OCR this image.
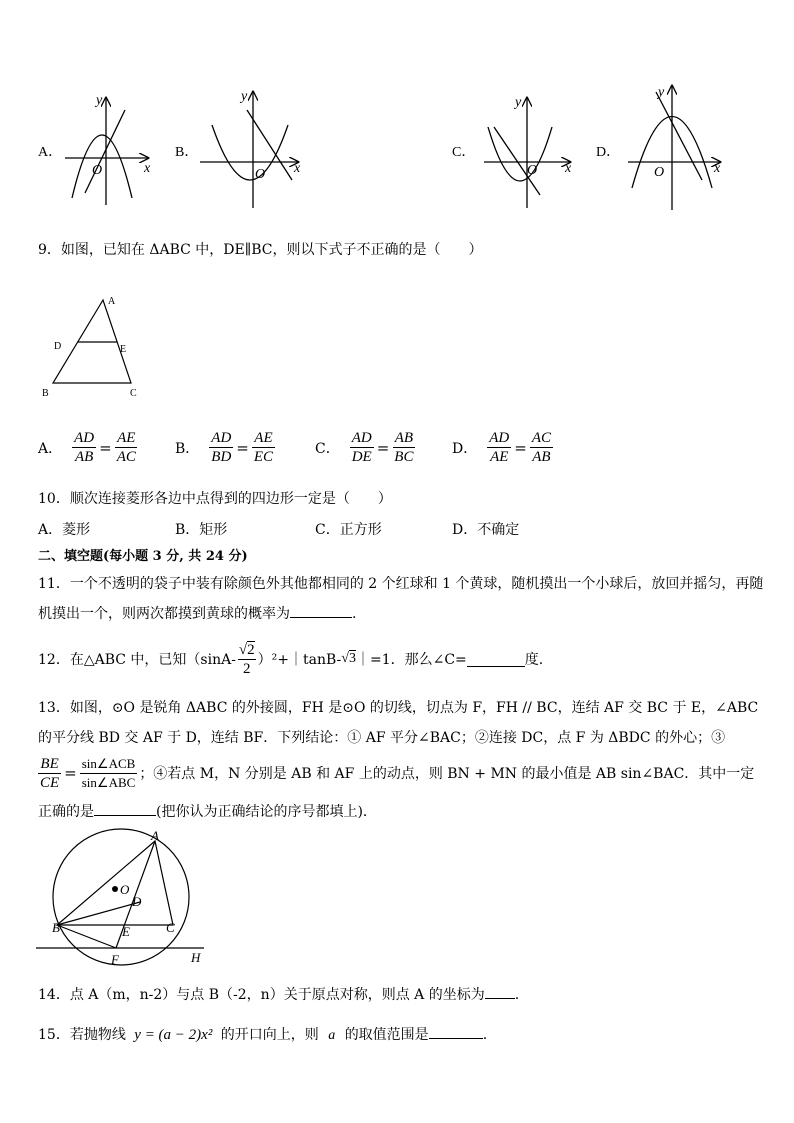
A．	B．	C．	D．
y
x
O
y
x
O
y
x
O
y
x
O
9．如图，已知在 ΔABC 中，DE∥BC，则以下式子不正确的是（　　）
A
D	E
B	C
A． $\frac{AD}{AB} = \frac{AE}{AC}$	B． $\frac{AD}{BD} = \frac{AE}{EC}$	C． $\frac{AD}{DE} = \frac{AB}{BC}$	D． $\frac{AD}{AE} = \frac{AC}{AB}$
10．顺次连接菱形各边中点得到的四边形一定是（　　）
A．菱形	B．矩形	C．正方形	D．不确定
二、填空题(每小题 3 分, 共 24 分)
11．一个不透明的袋子中装有除颜色外其他都相同的 2 个红球和 1 个黄球，随机摸出一个小球后，放回并摇匀，再随
机摸出一个，则两次都摸到黄球的概率为	.
12．在△ABC 中，已知（$\sin A- \frac{√2}{2}$ ）²+｜tanB- √3 ｜=1．那么∠C=	度.
13．如图，⊙O 是锐角 ΔABC 的外接圆，FH 是⊙O 的切线，切点为 F，FH // BC，连结 AF 交 BC 于 E，∠ABC
的平分线 BD 交 AF 于 D，连结 BF．下列结论：① AF 平分∠BAC；②连接 DC，点 F 为 ΔBDC 的外心；③
$\frac{BE}{CE} = \frac{\text{sin∠ACB}}{\text{sin∠ABC}}$ ；④若点 M，N 分别是 AB 和 AF 上的动点，则 BN + MN 的最小值是 AB sin∠BAC．其中一定
正确的是	(把你认为正确结论的序号都填上)．
A
O
D
B	C
E
F	H
14．点 A（m，n-2）与点 B（-2，n）关于原点对称，则点 A 的坐标为 .
15．若抛物线 y = (a − 2)x² 的开口向上，则 a 的取值范围是	.
